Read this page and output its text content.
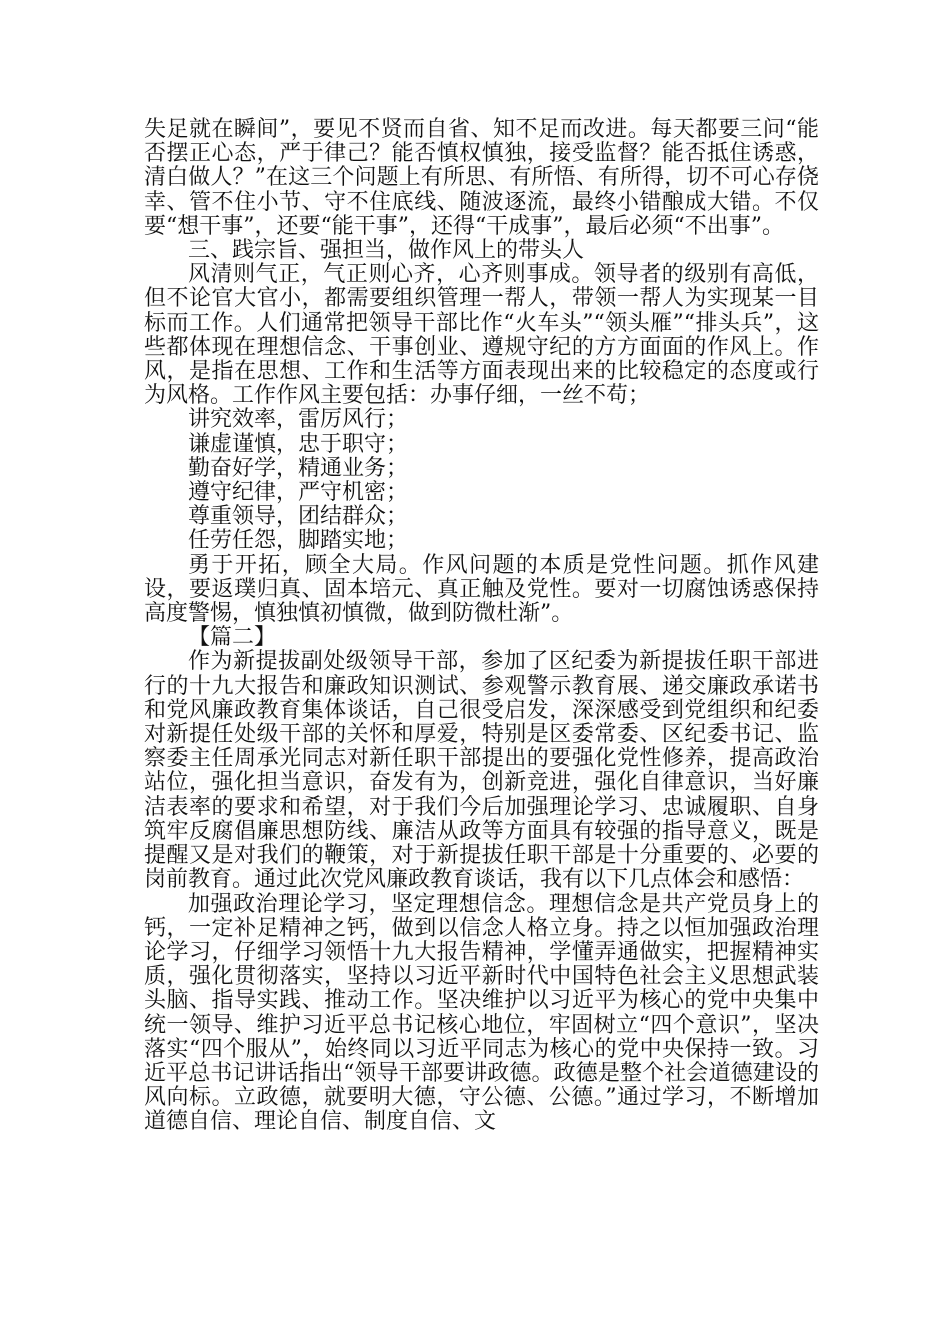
失足就在瞬间”，要见不贤而自省、知不足而改进。每天都要三问“能否摆正心态，严于律己？能否慎权慎独，接受监督？能否抵住诱惑，清白做人？”在这三个问题上有所思、有所悟、有所得，切不可心存侥幸、管不住小节、守不住底线、随波逐流，最终小错酿成大错。不仅要“想干事”，还要“能干事”，还得“干成事”，最后必须“不出事”。

三、践宗旨、强担当，做作风上的带头人

风清则气正，气正则心齐，心齐则事成。领导者的级别有高低，但不论官大官小，都需要组织管理一帮人，带领一帮人为实现某一目标而工作。人们通常把领导干部比作“火车头”“领头雁”“排头兵”，这些都体现在理想信念、干事创业、遵规守纪的方方面面的作风上。作风，是指在思想、工作和生活等方面表现出来的比较稳定的态度或行为风格。工作作风主要包括：办事仔细，一丝不苟；

讲究效率，雷厉风行；

谦虚谨慎，忠于职守；

勤奋好学，精通业务；

遵守纪律，严守机密；

尊重领导，团结群众；

任劳任怨，脚踏实地；

勇于开拓，顾全大局。作风问题的本质是党性问题。抓作风建设，要返璞归真、固本培元、真正触及党性。要对一切腐蚀诱惑保持高度警惕，慎独慎初慎微，做到防微杜渐”。

【篇二】

作为新提拔副处级领导干部，参加了区纪委为新提拔任职干部进行的十九大报告和廉政知识测试、参观警示教育展、递交廉政承诺书和党风廉政教育集体谈话，自己很受启发，深深感受到党组织和纪委对新提任处级干部的关怀和厚爱，特别是区委常委、区纪委书记、监察委主任周承光同志对新任职干部提出的要强化党性修养，提高政治站位，强化担当意识，奋发有为，创新竞进，强化自律意识，当好廉洁表率的要求和希望，对于我们今后加强理论学习、忠诚履职、自身筑牢反腐倡廉思想防线、廉洁从政等方面具有较强的指导意义，既是提醒又是对我们的鞭策，对于新提拔任职干部是十分重要的、必要的岗前教育。通过此次党风廉政教育谈话，我有以下几点体会和感悟：

加强政治理论学习，坚定理想信念。理想信念是共产党员身上的钙，一定补足精神之钙，做到以信念人格立身。持之以恒加强政治理论学习，仔细学习领悟十九大报告精神，学懂弄通做实，把握精神实质，强化贯彻落实，坚持以习近平新时代中国特色社会主义思想武装头脑、指导实践、推动工作。坚决维护以习近平为核心的党中央集中统一领导、维护习近平总书记核心地位，牢固树立“四个意识”，坚决落实“四个服从”，始终同以习近平同志为核心的党中央保持一致。习近平总书记讲话指出“领导干部要讲政德。政德是整个社会道德建设的风向标。立政德，就要明大德，守公德、公德。”通过学习，不断增加道德自信、理论自信、制度自信、文
